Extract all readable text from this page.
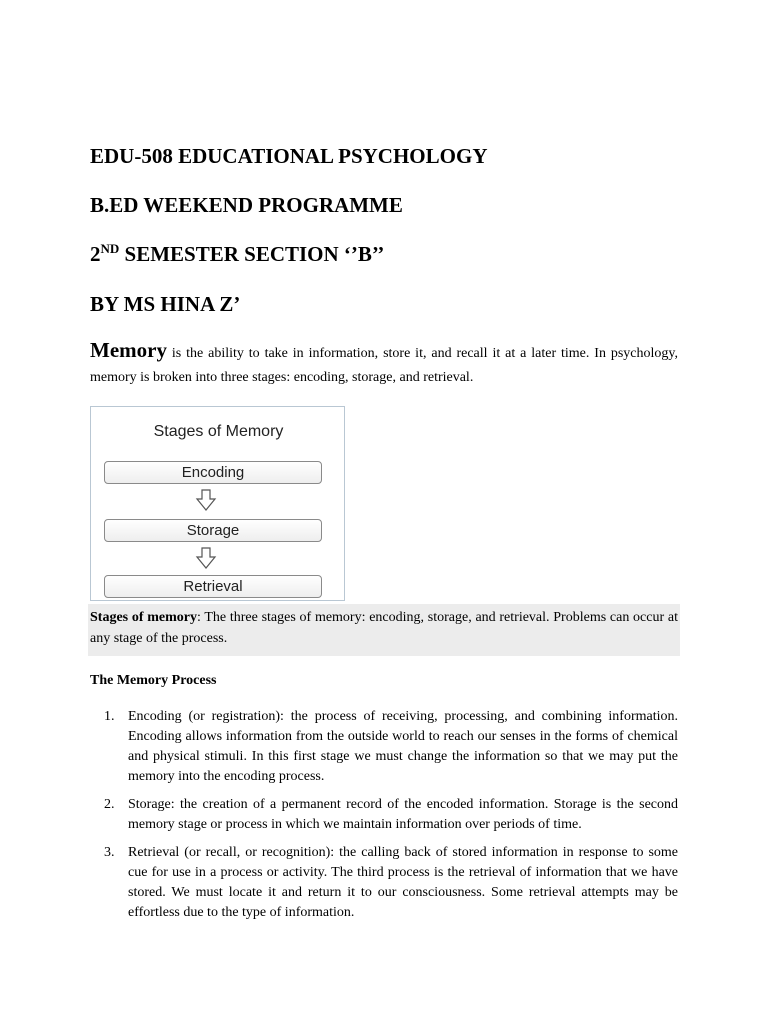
EDU-508 EDUCATIONAL PSYCHOLOGY
B.ED WEEKEND PROGRAMME
2ND SEMESTER SECTION ‘’B’’
BY MS HINA Z’
Memory is the ability to take in information, store it, and recall it at a later time. In psychology, memory is broken into three stages: encoding, storage, and retrieval.
Stages of Memory
Encoding
Storage
Retrieval
Stages of memory: The three stages of memory: encoding, storage, and retrieval. Problems can occur at any stage of the process.
The Memory Process
1. Encoding (or registration): the process of receiving, processing, and combining information. Encoding allows information from the outside world to reach our senses in the forms of chemical and physical stimuli. In this first stage we must change the information so that we may put the memory into the encoding process.
2. Storage: the creation of a permanent record of the encoded information. Storage is the second memory stage or process in which we maintain information over periods of time.
3. Retrieval (or recall, or recognition): the calling back of stored information in response to some cue for use in a process or activity. The third process is the retrieval of information that we have stored. We must locate it and return it to our consciousness. Some retrieval attempts may be effortless due to the type of information.
